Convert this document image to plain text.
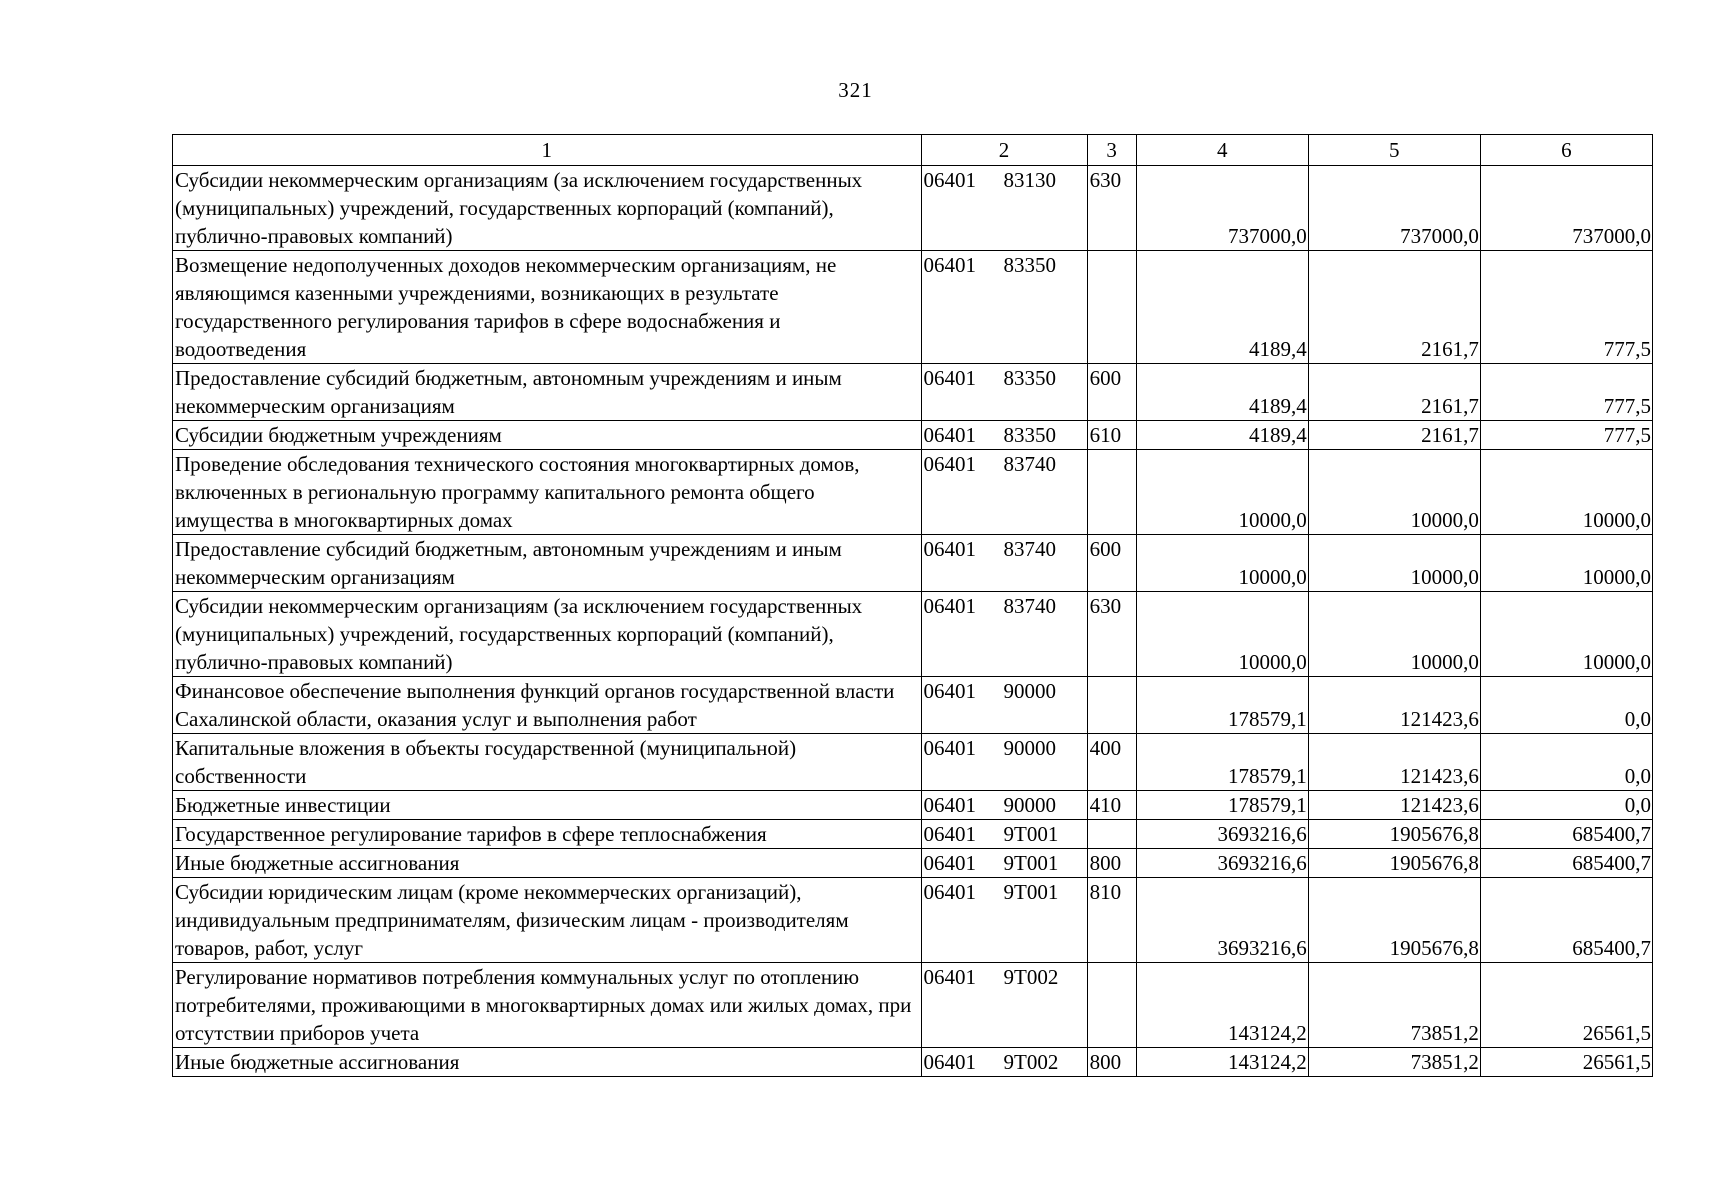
321
1	2	3	4	5	6
Субсидии некоммерческим организациям (за исключением государственных (муниципальных) учреждений, государственных корпораций (компаний), публично-правовых компаний)	06401 83130	630	737000,0	737000,0	737000,0
Возмещение недополученных доходов некоммерческим организациям, не являющимся казенными учреждениями, возникающих в результате государственного регулирования тарифов в сфере водоснабжения и водоотведения	06401 83350		4189,4	2161,7	777,5
Предоставление субсидий бюджетным, автономным учреждениям и иным некоммерческим организациям	06401 83350	600	4189,4	2161,7	777,5
Субсидии бюджетным учреждениям	06401 83350	610	4189,4	2161,7	777,5
Проведение обследования технического состояния многоквартирных домов, включенных в региональную программу капитального ремонта общего имущества в многоквартирных домах	06401 83740		10000,0	10000,0	10000,0
Предоставление субсидий бюджетным, автономным учреждениям и иным некоммерческим организациям	06401 83740	600	10000,0	10000,0	10000,0
Субсидии некоммерческим организациям (за исключением государственных (муниципальных) учреждений, государственных корпораций (компаний), публично-правовых компаний)	06401 83740	630	10000,0	10000,0	10000,0
Финансовое обеспечение выполнения функций органов государственной власти Сахалинской области, оказания услуг и выполнения работ	06401 90000		178579,1	121423,6	0,0
Капитальные вложения в объекты государственной (муниципальной) собственности	06401 90000	400	178579,1	121423,6	0,0
Бюджетные инвестиции	06401 90000	410	178579,1	121423,6	0,0
Государственное регулирование тарифов в сфере теплоснабжения	06401 9Т001		3693216,6	1905676,8	685400,7
Иные бюджетные ассигнования	06401 9Т001	800	3693216,6	1905676,8	685400,7
Субсидии юридическим лицам (кроме некоммерческих организаций), индивидуальным предпринимателям, физическим лицам - производителям товаров, работ, услуг	06401 9Т001	810	3693216,6	1905676,8	685400,7
Регулирование нормативов потребления коммунальных услуг по отоплению потребителями, проживающими в многоквартирных домах или жилых домах, при отсутствии приборов учета	06401 9Т002		143124,2	73851,2	26561,5
Иные бюджетные ассигнования	06401 9Т002	800	143124,2	73851,2	26561,5
